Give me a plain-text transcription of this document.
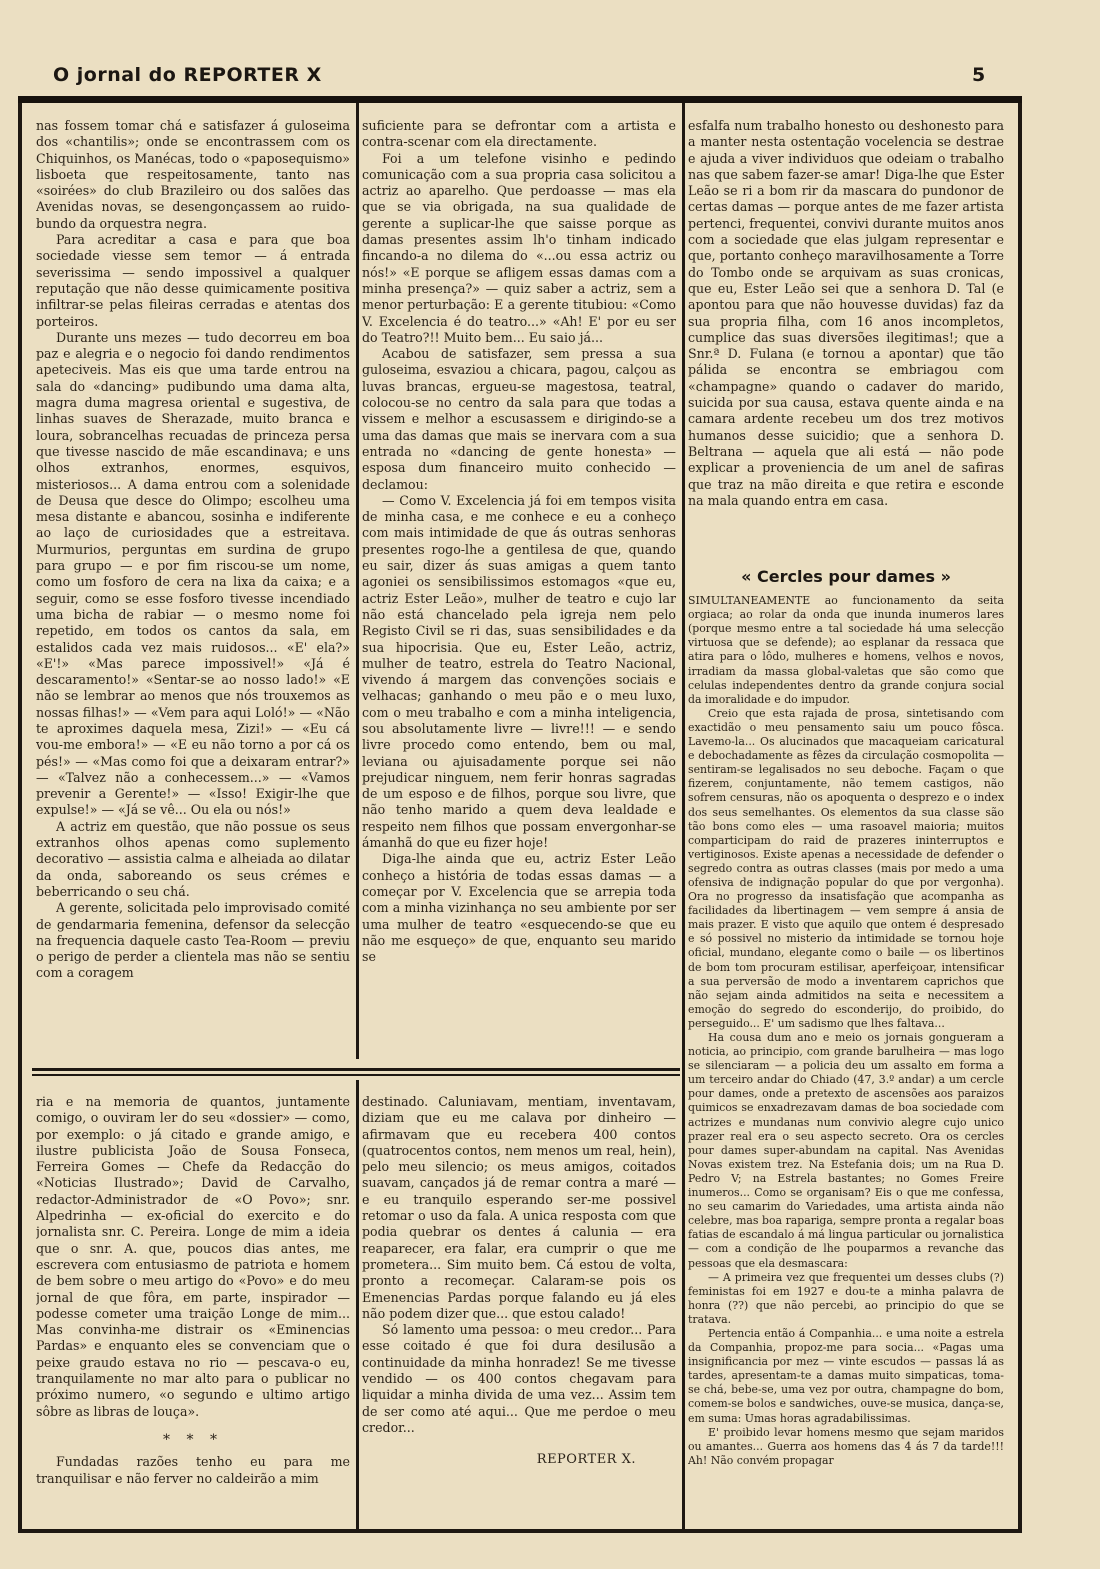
O jornal do REPORTER X	5

nas fossem tomar chá e satisfazer á guloseima dos «chantilis»; onde se encontrassem com os Chiquinhos, os Manécas, todo o «paposequismo» lisboeta que respeitosamente, tanto nas «soirées» do club Brazileiro ou dos salões das Avenidas novas, se desengonçassem ao ruido-bundo da orquestra negra.

Para acreditar a casa e para que boa sociedade viesse sem temor — á entrada severissima — sendo impossivel a qualquer reputação que não desse quimicamente positiva infiltrar-se pelas fileiras cerradas e atentas dos porteiros.

Durante uns mezes — tudo decorreu em boa paz e alegria e o negocio foi dando rendimentos apeteciveis. Mas eis que uma tarde entrou na sala do «dancing» pudibundo uma dama alta, magra duma magresa oriental e sugestiva, de linhas suaves de Sherazade, muito branca e loura, sobrancelhas recuadas de princeza persa que tivesse nascido de mãe escandinava; e uns olhos extranhos, enormes, esquivos, misteriosos... A dama entrou com a solenidade de Deusa que desce do Olimpo; escolheu uma mesa distante e abancou, sosinha e indiferente ao laço de curiosidades que a estreitava. Murmurios, perguntas em surdina de grupo para grupo — e por fim riscou-se um nome, como um fosforo de cera na lixa da caixa; e a seguir, como se esse fosforo tivesse incendiado uma bicha de rabiar — o mesmo nome foi repetido, em todos os cantos da sala, em estalidos cada vez mais ruidosos... «E' ela?» «E'!» «Mas parece impossivel!» «Já é descaramento!» «Sentar-se ao nosso lado!» «E não se lembrar ao menos que nós trouxemos as nossas filhas!» — «Vem para aqui Loló!» — «Não te aproximes daquela mesa, Zizi!» — «Eu cá vou-me embora!» — «E eu não torno a por cá os pés!» — «Mas como foi que a deixaram entrar?» — «Talvez não a conhecessem...» — «Vamos prevenir a Gerente!» — «Isso! Exigir-lhe que expulse!» — «Já se vê... Ou ela ou nós!»

A actriz em questão, que não possue os seus extranhos olhos apenas como suplemento decorativo — assistia calma e alheiada ao dilatar da onda, saboreando os seus crémes e beberricando o seu chá.

A gerente, solicitada pelo improvisado comité de gendarmaria femenina, defensor da selecção na frequencia daquele casto Tea-Room — previu o perigo de perder a clientela mas não se sentiu com a coragem

suficiente para se defrontar com a artista e contra-scenar com ela directamente.

Foi a um telefone visinho e pedindo comunicação com a sua propria casa solicitou a actriz ao aparelho. Que perdoasse — mas ela que se via obrigada, na sua qualidade de gerente a suplicar-lhe que saisse porque as damas presentes assim lh'o tinham indicado fincando-a no dilema do «...ou essa actriz ou nós!» «E porque se afligem essas damas com a minha presença?» — quiz saber a actriz, sem a menor perturbação: E a gerente titubiou: «Como V. Excelencia é do teatro...» «Ah! E' por eu ser do Teatro?!! Muito bem... Eu saio já...

Acabou de satisfazer, sem pressa a sua guloseima, esvaziou a chicara, pagou, calçou as luvas brancas, ergueu-se magestosa, teatral, colocou-se no centro da sala para que todas a vissem e melhor a escusassem e dirigindo-se a uma das damas que mais se inervara com a sua entrada no «dancing de gente honesta» — esposa dum financeiro muito conhecido — declamou:

— Como V. Excelencia já foi em tempos visita de minha casa, e me conhece e eu a conheço com mais intimidade de que ás outras senhoras presentes rogo-lhe a gentilesa de que, quando eu sair, dizer ás suas amigas a quem tanto agoniei os sensibilissimos estomagos «que eu, actriz Ester Leão», mulher de teatro e cujo lar não está chancelado pela igreja nem pelo Registo Civil se ri das, suas sensibilidades e da sua hipocrisia. Que eu, Ester Leão, actriz, mulher de teatro, estrela do Teatro Nacional, vivendo á margem das convenções sociais e velhacas; ganhando o meu pão e o meu luxo, com o meu trabalho e com a minha inteligencia, sou absolutamente livre — livre!!! — e sendo livre procedo como entendo, bem ou mal, leviana ou ajuisadamente porque sei não prejudicar ninguem, nem ferir honras sagradas de um esposo e de filhos, porque sou livre, que não tenho marido a quem deva lealdade e respeito nem filhos que possam envergonhar-se ámanhã do que eu fizer hoje!

Diga-lhe ainda que eu, actriz Ester Leão conheço a história de todas essas damas — a começar por V. Excelencia que se arrepia toda com a minha vizinhança no seu ambiente por ser uma mulher de teatro «esquecendo-se que eu não me esqueço» de que, enquanto seu marido se

esfalfa num trabalho honesto ou deshonesto para a manter nesta ostentação vocelencia se destrae e ajuda a viver individuos que odeiam o trabalho nas que sabem fazer-se amar! Diga-lhe que Ester Leão se ri a bom rir da mascara do pundonor de certas damas — porque antes de me fazer artista pertenci, frequentei, convivi durante muitos anos com a sociedade que elas julgam representar e que, portanto conheço maravilhosamente a Torre do Tombo onde se arquivam as suas cronicas, que eu, Ester Leão sei que a senhora D. Tal (e apontou para que não houvesse duvidas) faz da sua propria filha, com 16 anos incompletos, cumplice das suas diversões ilegitimas!; que a Snr.ª D. Fulana (e tornou a apontar) que tão pálida se encontra se embriagou com «champagne» quando o cadaver do marido, suicida por sua causa, estava quente ainda e na camara ardente recebeu um dos trez motivos humanos desse suicidio; que a senhora D. Beltrana — aquela que ali está — não pode explicar a proveniencia de um anel de safiras que traz na mão direita e que retira e esconde na mala quando entra em casa.

« Cercles pour dames »

SIMULTANEAMENTE ao funcionamento da seita orgiaca; ao rolar da onda que inunda inumeros lares (porque mesmo entre a tal sociedade há uma selecção virtuosa que se defende); ao esplanar da ressaca que atira para o lôdo, mulheres e homens, velhos e novos, irradiam da massa global-valetas que são como que celulas independentes dentro da grande conjura social da imoralidade e do impudor.

Creio que esta rajada de prosa, sintetisando com exactidão o meu pensamento saiu um pouco fôsca. Lavemo-la... Os alucinados que macaqueiam caricatural e debochadamente as fêzes da circulação cosmopolita — sentiram-se legalisados no seu deboche. Façam o que fizerem, conjuntamente, não temem castigos, não sofrem censuras, não os apoquenta o desprezo e o index dos seus semelhantes. Os elementos da sua classe são tão bons como eles — uma rasoavel maioria; muitos comparticipam do raid de prazeres ininterruptos e vertiginosos. Existe apenas a necessidade de defender o segredo contra as outras classes (mais por medo a uma ofensiva de indignação popular do que por vergonha). Ora no progresso da insatisfação que acompanha as facilidades da libertinagem — vem sempre á ansia de mais prazer. E visto que aquilo que ontem é despresado e só possivel no misterio da intimidade se tornou hoje oficial, mundano, elegante como o baile — os libertinos de bom tom procuram estilisar, aperfeiçoar, intensificar a sua perversão de modo a inventarem caprichos que não sejam ainda admitidos na seita e necessitem a emoção do segredo do esconderijo, do proibido, do perseguido... E' um sadismo que lhes faltava...

Ha cousa dum ano e meio os jornais gongueram a noticia, ao principio, com grande barulheira — mas logo se silenciaram — a policia deu um assalto em forma a um terceiro andar do Chiado (47, 3.º andar) a um cercle pour dames, onde a pretexto de ascensões aos paraizos quimicos se enxadrezavam damas de boa sociedade com actrizes e mundanas num convivio alegre cujo unico prazer real era o seu aspecto secreto. Ora os cercles pour dames super-abundam na capital. Nas Avenidas Novas existem trez. Na Estefania dois; um na Rua D. Pedro V; na Estrela bastantes; no Gomes Freire inumeros... Como se organisam? Eis o que me confessa, no seu camarim do Variedades, uma artista ainda não celebre, mas boa rapariga, sempre pronta a regalar boas fatias de escandalo á má lingua particular ou jornalistica — com a condição de lhe pouparmos a revanche das pessoas que ela desmascara:

— A primeira vez que frequentei um desses clubs (?) feministas foi em 1927 e dou-te a minha palavra de honra (??) que não percebi, ao principio do que se tratava.

Pertencia então á Companhia... e uma noite a estrela da Companhia, propoz-me para socia... «Pagas uma insignificancia por mez — vinte escudos — passas lá as tardes, apresentam-te a damas muito simpaticas, toma-se chá, bebe-se, uma vez por outra, champagne do bom, comem-se bolos e sandwiches, ouve-se musica, dança-se, em suma: Umas horas agradabilissimas.

E' proibido levar homens mesmo que sejam maridos ou amantes... Guerra aos homens das 4 ás 7 da tarde!!! Ah! Não convém propagar

ria e na memoria de quantos, juntamente comigo, o ouviram ler do seu «dossier» — como, por exemplo: o já citado e grande amigo, e ilustre publicista João de Sousa Fonseca, Ferreira Gomes — Chefe da Redacção do «Noticias Ilustrado»; David de Carvalho, redactor-Administrador de «O Povo»; snr. Alpedrinha — ex-oficial do exercito e do jornalista snr. C. Pereira. Longe de mim a ideia que o snr. A. que, poucos dias antes, me escrevera com entusiasmo de patriota e homem de bem sobre o meu artigo do «Povo» e do meu jornal de que fôra, em parte, inspirador — podesse cometer uma traição Longe de mim... Mas convinha-me distrair os «Eminencias Pardas» e enquanto eles se convenciam que o peixe graudo estava no rio — pescava-o eu, tranquilamente no mar alto para o publicar no próximo numero, «o segundo e ultimo artigo sôbre as libras de louça».

* * *

Fundadas razões tenho eu para me tranquilisar e não ferver no caldeirão a mim

destinado. Caluniavam, mentiam, inventavam, diziam que eu me calava por dinheiro — afirmavam que eu recebera 400 contos (quatrocentos contos, nem menos um real, hein), pelo meu silencio; os meus amigos, coitados suavam, cançados já de remar contra a maré — e eu tranquilo esperando ser-me possivel retomar o uso da fala. A unica resposta com que podia quebrar os dentes á calunia — era reaparecer, era falar, era cumprir o que me prometera... Sim muito bem. Cá estou de volta, pronto a recomeçar. Calaram-se pois os Emenencias Pardas porque falando eu já eles não podem dizer que... que estou calado!

Só lamento uma pessoa: o meu credor... Para esse coitado é que foi dura desilusão a continuidade da minha honradez! Se me tivesse vendido — os 400 contos chegavam para liquidar a minha divida de uma vez... Assim tem de ser como até aqui... Que me perdoe o meu credor...

REPORTER X.
